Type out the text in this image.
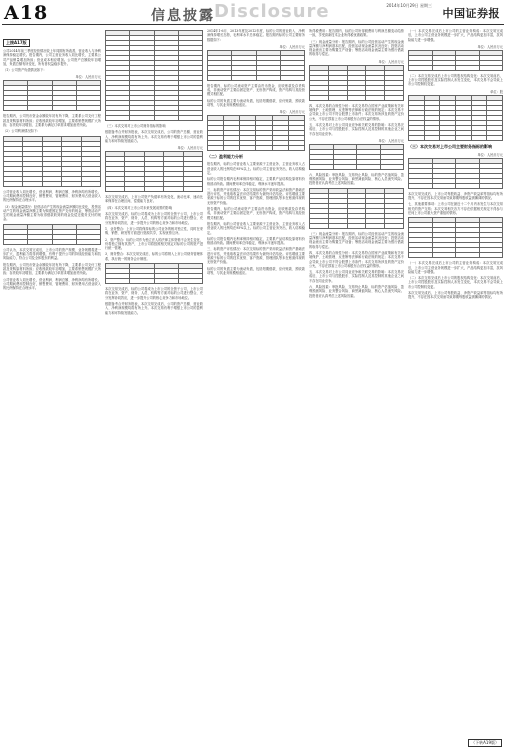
A18	信息披露 Disclosure	2014年10月29日 星期三
中国证券报
上接A17版

公司2014年前三季度经营情况较上年同期有所改善，营业收入与净利润保持稳定增长。报告期内，公司主营业务收入同比增长，主要系公司产品销量增加所致；营业成本相应增加。公司资产总额较年初增加，负债总额有所变化，所有者权益稳步提升。

（1）公司资产负债情况如下：

单位：人民币万元

报告期内，公司货币资金余额较年初有所下降，主要系公司支付工程款及采购原材料所致；应收账款较年初增加，主要系销售规模扩大所致；存货较年初增加，主要系为满足订单需求增加备货所致。

（2）公司利润情况如下：

公司营业收入同比增长，营业利润、利润总额、净利润均有所增长。公司期间费用控制良好，销售费用、管理费用、财务费用占营业收入的比例保持在合理水平。

（3）现金流量情况：经营活动产生的现金流量净额同比变化，投资活动产生的现金流量净额主要为购建固定资产支付的现金，筹资活动产生的现金流量净额主要为取得借款收到的现金及偿还债务支付的现金。

公司认为，本次交易完成后，上市公司的资产规模、业务规模将进一步扩大，盈利能力将得到增强，有利于提升公司的持续经营能力和抗风险能力，符合公司及全体股东的利益。

报告期内，公司货币资金余额较年初有所下降，主要系公司支付工程款及采购原材料所致；应收账款较年初增加，主要系销售规模扩大所致；存货较年初增加，主要系为满足订单需求增加备货所致。

公司营业收入同比增长，营业利润、利润总额、净利润均有所增长。公司期间费用控制良好，销售费用、管理费用、财务费用占营业收入的比例保持在合理水平。

（三）本次交易对上市公司财务指标的影响

根据备考合并财务报表，本次交易完成后，公司的资产总额、营业收入、净利润规模均将有所上升。本次交易有利于增强上市公司的盈利能力和可持续发展能力。

单位：人民币万元

本次交易完成后，上市公司资产负债率有所变化，流动比率、速动比率保持在合理区间，偿债能力良好。

（四）本次交易对上市公司未来发展前景的影响

本次交易完成后，标的公司将成为上市公司的全资子公司，上市公司将在业务、资产、财务、人员、机构等方面对标的公司进行整合，充分发挥协同效应，进一步提升公司的核心竞争力和市场地位。

1、业务整合：上市公司将保持标的公司业务的相对独立性，同时在采购、销售、研发等方面进行资源共享，实现优势互补。

2、资产整合：标的公司作为独立法人的法律主体资格不会发生变化，仍将独立拥有其资产，上市公司将按照相关规定对标的公司的资产进行统一管理。

3、财务整合：本次交易完成后，标的公司将纳入上市公司财务管理体系，执行统一的财务会计制度。

本次交易完成后，标的公司将成为上市公司的全资子公司，上市公司将在业务、资产、财务、人员、机构等方面对标的公司进行整合，充分发挥协同效应，进一步提升公司的核心竞争力和市场地位。

根据备考合并财务报表，本次交易完成后，公司的资产总额、营业收入、净利润规模均将有所上升。本次交易有利于增强上市公司的盈利能力和可持续发展能力。

2014年1-6月、2013年度及2012年度，标的公司的营业收入、净利润保持增长态势，毛利率水平总体稳定。报告期内标的公司主要财务数据如下：

单位：人民币万元

报告期内，标的公司流动资产主要由货币资金、应收账款及存货构成，非流动资产主要由固定资产、无形资产构成，资产结构与其经营模式相匹配。

标的公司的负债主要为流动负债，包括短期借款、应付账款、预收款项等，与其业务规模相适应。

单位：人民币万元

（二）盈利能力分析

报告期内，标的公司营业收入主要来源于主营业务，主营业务收入占营业收入的比例均在95%以上。标的公司主营业务突出，收入结构稳定。

标的公司报告期内毛利率保持相对稳定，主要系产品结构及原材料价格波动所致。期间费用率总体稳定，利润水平逐年提高。

三、标的资产评估情况：本次交易标的资产采用收益法和资产基础法进行评估，并选取收益法评估结果作为最终评估结论。评估增值主要来源于标的公司的技术优势、客户资源、管理团队等未在账面体现的无形资产价值。

报告期内，标的公司流动资产主要由货币资金、应收账款及存货构成，非流动资产主要由固定资产、无形资产构成，资产结构与其经营模式相匹配。

报告期内，标的公司营业收入主要来源于主营业务，主营业务收入占营业收入的比例均在95%以上。标的公司主营业务突出，收入结构稳定。

标的公司报告期内毛利率保持相对稳定，主要系产品结构及原材料价格波动所致。期间费用率总体稳定，利润水平逐年提高。

三、标的资产评估情况：本次交易标的资产采用收益法和资产基础法进行评估，并选取收益法评估结果作为最终评估结论。评估增值主要来源于标的公司的技术优势、客户资源、管理团队等未在账面体现的无形资产价值。

标的公司的负债主要为流动负债，包括短期借款、应付账款、预收款项等，与其业务规模相适应。

所得税费用：报告期内，标的公司所得税费用与利润总额变动趋势一致，享受高新技术企业所得税优惠政策。

（三）现金流量分析：报告期内，标的公司经营活动产生的现金流量净额与净利润基本匹配，经营活动现金流量状况良好；投资活动现金流出主要为购置生产设备；筹资活动现金流量主要为银行借款的取得与偿还。

单位：人民币万元

四、本次交易的合规性分析：本次交易符合国家产业政策和有关环境保护、土地管理、反垄断等法律和行政法规的规定；本次交易不会导致上市公司不符合股票上市条件；本次交易所涉及的资产定价公允，不存在损害上市公司和股东合法权益的情形。

五、本次交易对上市公司同业竞争和关联交易的影响：本次交易完成后，上市公司与控股股东、实际控制人及其控制的其他企业之间不存在同业竞争。

单位：人民币万元

六、风险因素：审批风险、交易终止风险、标的资产估值风险、盈利预测风险、业务整合风险、商誉减值风险、核心人员流失风险。投资者应认真考虑上述风险因素。

（三）现金流量分析：报告期内，标的公司经营活动产生的现金流量净额与净利润基本匹配，经营活动现金流量状况良好；投资活动现金流出主要为购置生产设备；筹资活动现金流量主要为银行借款的取得与偿还。

四、本次交易的合规性分析：本次交易符合国家产业政策和有关环境保护、土地管理、反垄断等法律和行政法规的规定；本次交易不会导致上市公司不符合股票上市条件；本次交易所涉及的资产定价公允，不存在损害上市公司和股东合法权益的情形。

五、本次交易对上市公司同业竞争和关联交易的影响：本次交易完成后，上市公司与控股股东、实际控制人及其控制的其他企业之间不存在同业竞争。

六、风险因素：审批风险、交易终止风险、标的资产估值风险、盈利预测风险、业务整合风险、商誉减值风险、核心人员流失风险。投资者应认真考虑上述风险因素。

（一）本次交易完成后上市公司的主营业务构成：本次交易完成后，上市公司主营业务规模进一步扩大，产品结构更加丰富，抗风险能力进一步增强。

单位：人民币万元

（二）本次交易完成后上市公司的股权结构变化：本次交易前后，上市公司控股股东及实际控制人未发生变化，本次交易不会导致上市公司控制权变更。

单位：股

（三）本次交易对上市公司主要财务指标的影响
单位：人民币万元

本次交易完成后，上市公司每股收益、净资产收益率等指标均有所提升，不存在因本次交易而导致即期每股收益被摊薄的情况。

七、其他重要事项：上市公司在最近十二个月内未发生与本次交易相关的资产交易；本次交易相关各方不存在依据相关规定不得参与任何上市公司重大资产重组的情形。

（一）本次交易完成后上市公司的主营业务构成：本次交易完成后，上市公司主营业务规模进一步扩大，产品结构更加丰富，抗风险能力进一步增强。

（二）本次交易完成后上市公司的股权结构变化：本次交易前后，上市公司控股股东及实际控制人未发生变化，本次交易不会导致上市公司控制权变更。

本次交易完成后，上市公司每股收益、净资产收益率等指标均有所提升，不存在因本次交易而导致即期每股收益被摊薄的情况。

（下转A19版）
